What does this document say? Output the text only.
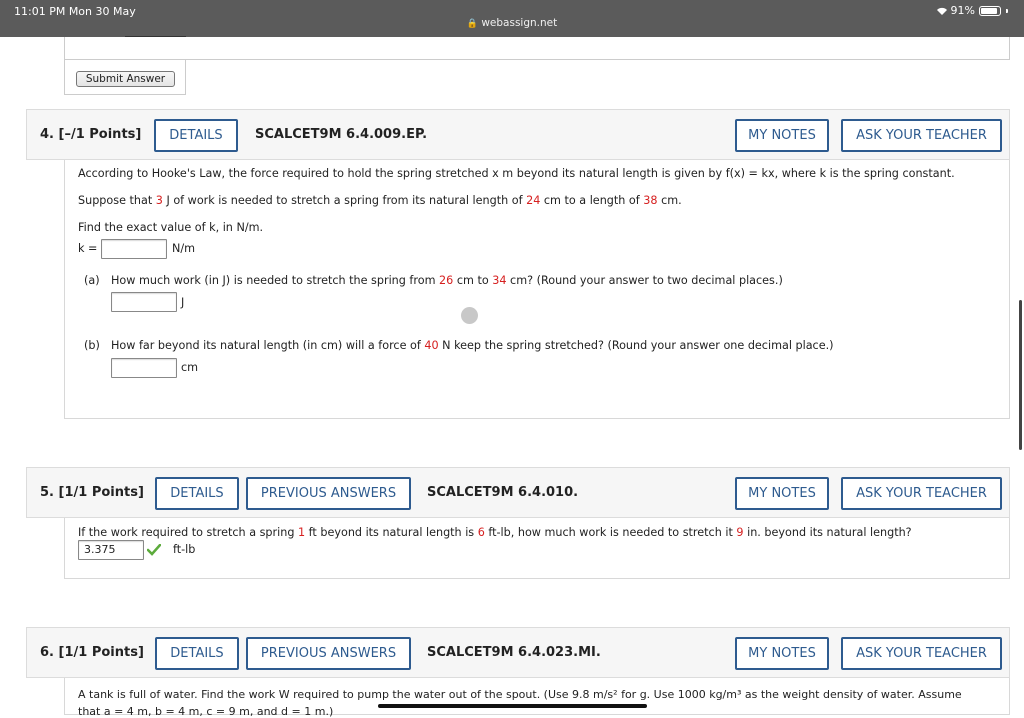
11:01 PM Mon 30 May
🔒 webassign.net
91%
Submit Answer
4. [–/1 Points]	DETAILS	SCALCET9M 6.4.009.EP.	MY NOTES	ASK YOUR TEACHER
According to Hooke's Law, the force required to hold the spring stretched x m beyond its natural length is given by f(x) = kx, where k is the spring constant.
Suppose that 3 J of work is needed to stretch a spring from its natural length of 24 cm to a length of 38 cm.
Find the exact value of k, in N/m.
k =	N/m
(a) How much work (in J) is needed to stretch the spring from 26 cm to 34 cm? (Round your answer to two decimal places.)
J
(b) How far beyond its natural length (in cm) will a force of 40 N keep the spring stretched? (Round your answer one decimal place.)
cm
5. [1/1 Points]	DETAILS	PREVIOUS ANSWERS	SCALCET9M 6.4.010.	MY NOTES	ASK YOUR TEACHER
If the work required to stretch a spring 1 ft beyond its natural length is 6 ft-lb, how much work is needed to stretch it 9 in. beyond its natural length?
3.375	ft-lb
6. [1/1 Points]	DETAILS	PREVIOUS ANSWERS	SCALCET9M 6.4.023.MI.	MY NOTES	ASK YOUR TEACHER
A tank is full of water. Find the work W required to pump the water out of the spout. (Use 9.8 m/s² for g. Use 1000 kg/m³ as the weight density of water. Assume
that a = 4 m, b = 4 m, c = 9 m, and d = 1 m.)
